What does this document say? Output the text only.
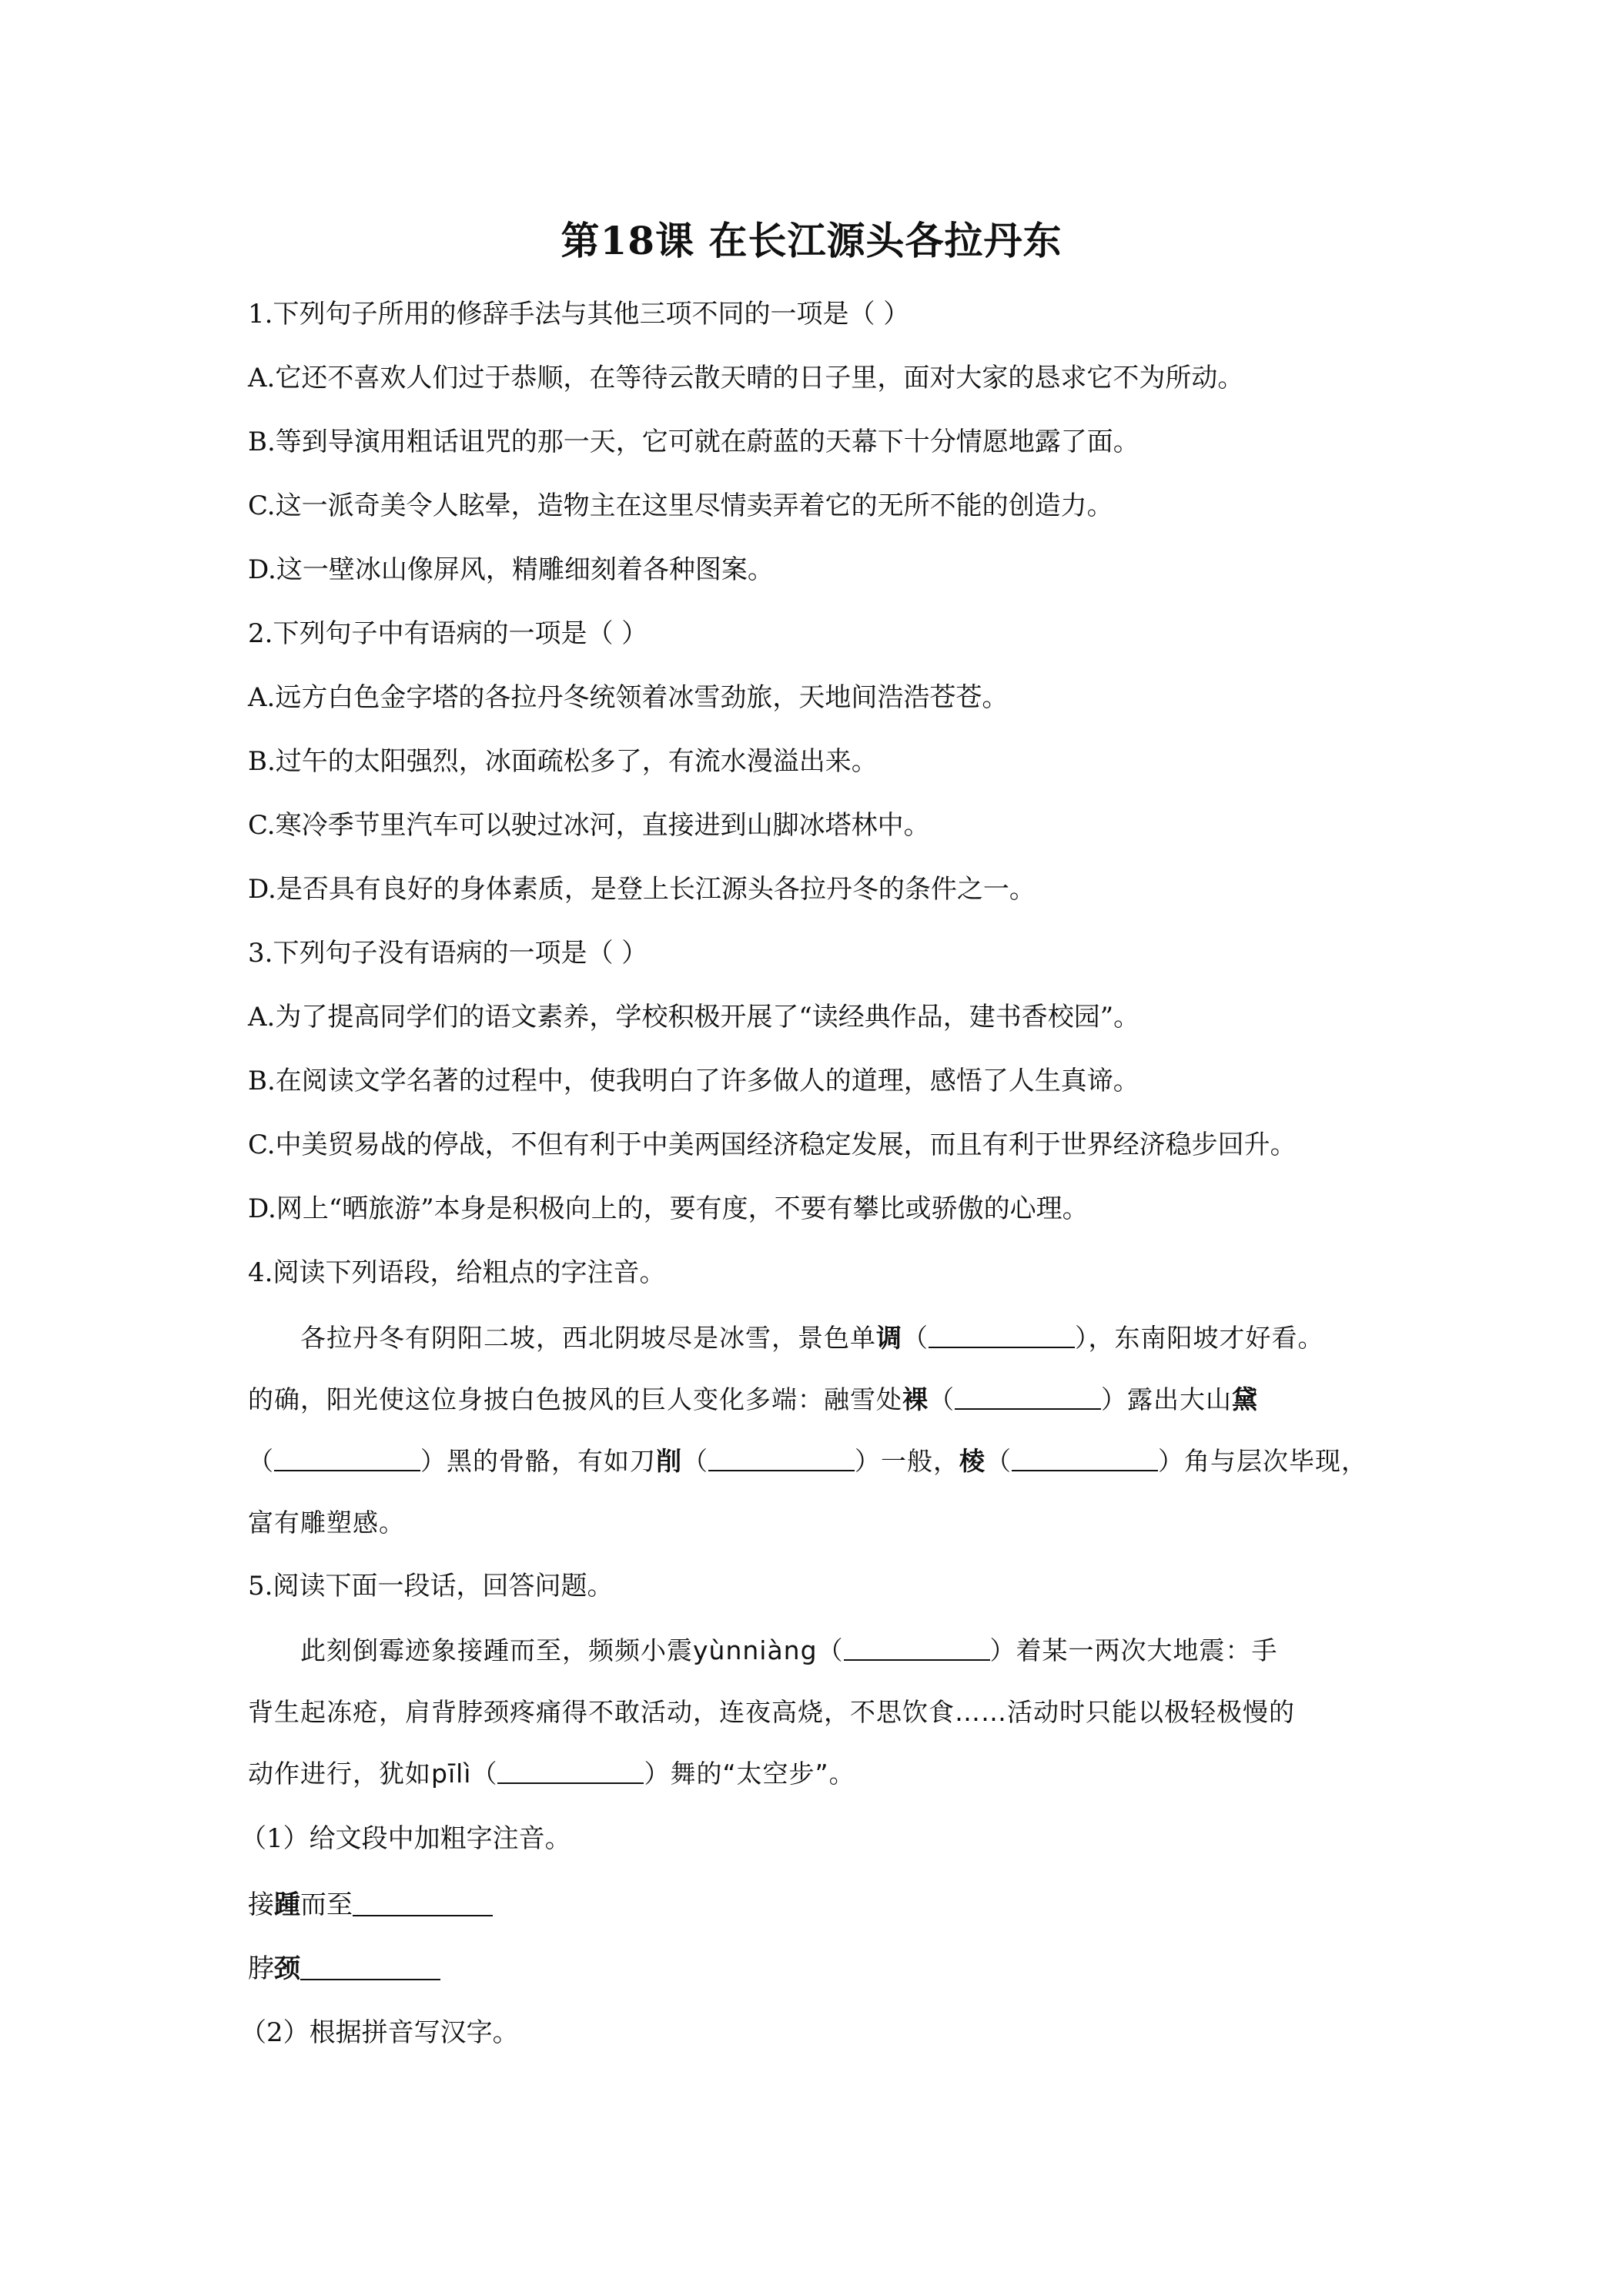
第18课 在长江源头各拉丹东
1.下列句子所用的修辞手法与其他三项不同的一项是（ ）
A.它还不喜欢人们过于恭顺，在等待云散天晴的日子里，面对大家的恳求它不为所动。
B.等到导演用粗话诅咒的那一天，它可就在蔚蓝的天幕下十分情愿地露了面。
C.这一派奇美令人眩晕，造物主在这里尽情卖弄着它的无所不能的创造力。
D.这一壁冰山像屏风，精雕细刻着各种图案。
2.下列句子中有语病的一项是（ ）
A.远方白色金字塔的各拉丹冬统领着冰雪劲旅，天地间浩浩苍苍。
B.过午的太阳强烈，冰面疏松多了，有流水漫溢出来。
C.寒冷季节里汽车可以驶过冰河，直接进到山脚冰塔林中。
D.是否具有良好的身体素质，是登上长江源头各拉丹冬的条件之一。
3.下列句子没有语病的一项是（ ）
A.为了提高同学们的语文素养，学校积极开展了“读经典作品，建书香校园”。
B.在阅读文学名著的过程中，使我明白了许多做人的道理，感悟了人生真谛。
C.中美贸易战的停战，不但有利于中美两国经济稳定发展，而且有利于世界经济稳步回升。
D.网上“晒旅游”本身是积极向上的，要有度，不要有攀比或骄傲的心理。
4.阅读下列语段，给粗点的字注音。
各拉丹冬有阴阳二坡，西北阴坡尽是冰雪，景色单调（	），东南阳坡才好看。
的确，阳光使这位身披白色披风的巨人变化多端：融雪处裸（	）露出大山黛
（	）黑的骨骼，有如刀削（	）一般，棱（	）角与层次毕现，
富有雕塑感。
5.阅读下面一段话，回答问题。
此刻倒霉迹象接踵而至，频频小震yùnniàng（	）着某一两次大地震：手
背生起冻疮，肩背脖颈疼痛得不敢活动，连夜高烧，不思饮食……活动时只能以极轻极慢的
动作进行，犹如pīlì（	）舞的“太空步”。
（1）给文段中加粗字注音。
接踵而至
脖颈
（2）根据拼音写汉字。
